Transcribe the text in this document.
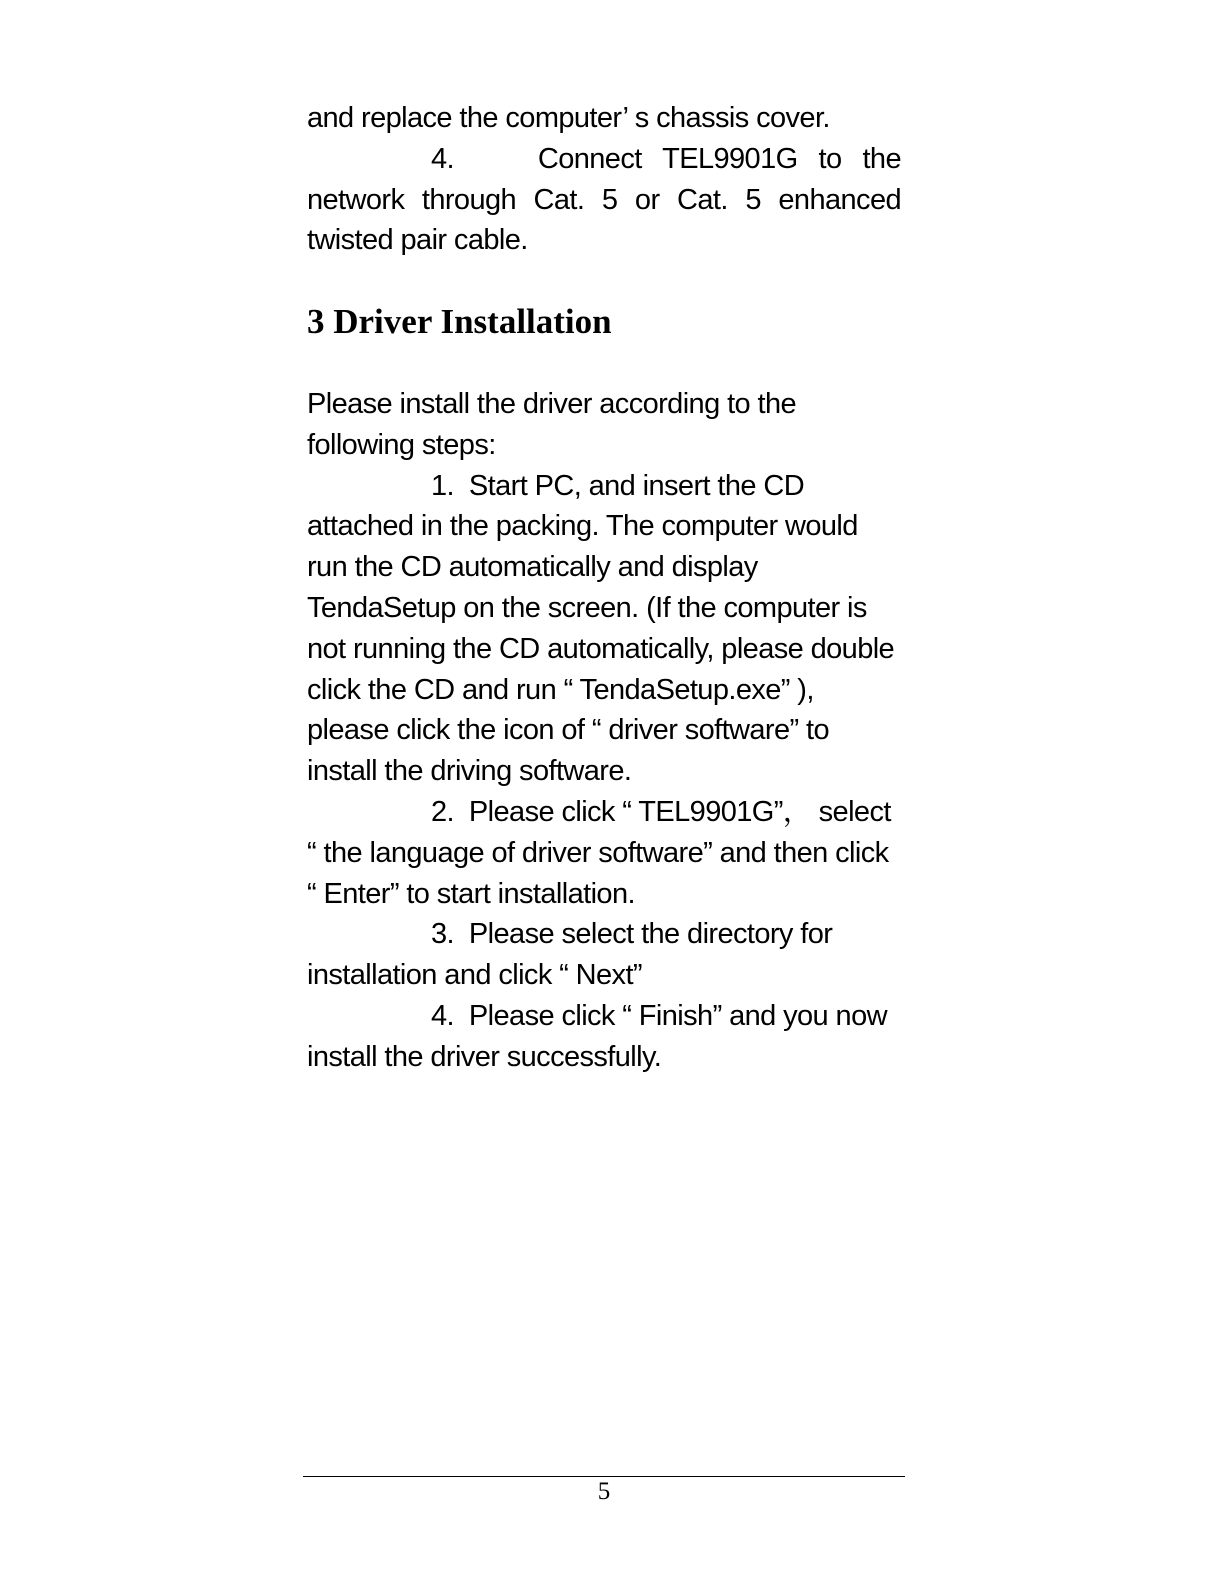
and replace the computer’ s chassis cover.

4.	Connect TEL9901G to the network through Cat. 5 or Cat. 5 enhanced twisted pair cable.

3 Driver Installation

Please install the driver according to the following steps:

1. Start PC, and insert the CD attached in the packing. The computer would run the CD automatically and display TendaSetup on the screen. (If the computer is not running the CD automatically, please double click the CD and run “ TendaSetup.exe” ), please click the icon of “ driver software” to install the driving software.

2. Please click “ TEL9901G”， select “ the language of driver software” and then click “ Enter” to start installation.

3. Please select the directory for installation and click “ Next”

4. Please click “ Finish” and you now install the driver successfully.

5
